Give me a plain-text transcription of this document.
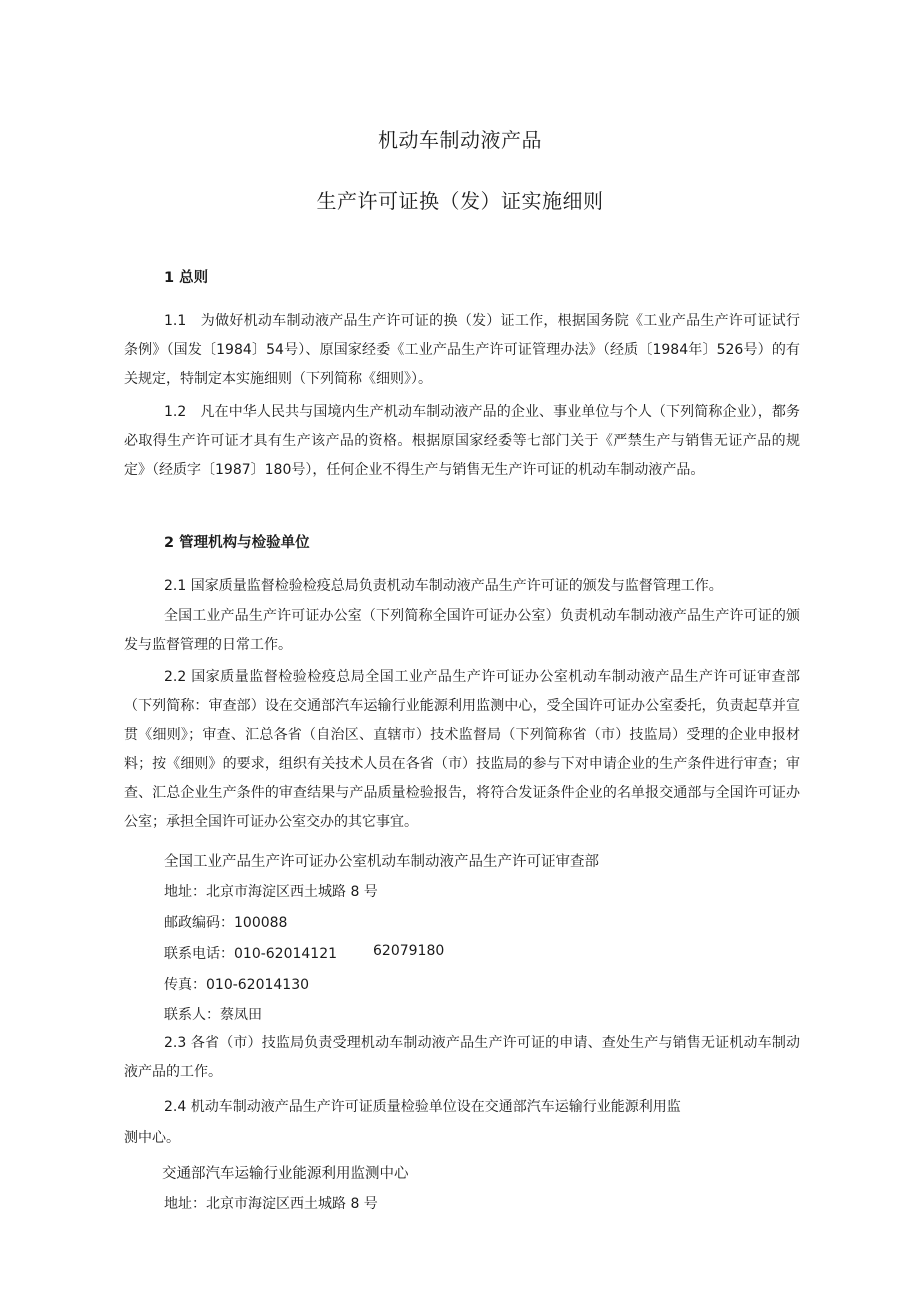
机动车制动液产品
生产许可证换（发）证实施细则
1 总则
1.1　为做好机动车制动液产品生产许可证的换（发）证工作，根据国务院《工业产品生产许可证试行条例》（国发〔1984〕54号）、原国家经委《工业产品生产许可证管理办法》（经质〔1984年〕526号）的有关规定，特制定本实施细则（下列简称《细则》）。
1.2　凡在中华人民共与国境内生产机动车制动液产品的企业、事业单位与个人（下列简称企业），都务必取得生产许可证才具有生产该产品的资格。根据原国家经委等七部门关于《严禁生产与销售无证产品的规定》（经质字〔1987〕180号），任何企业不得生产与销售无生产许可证的机动车制动液产品。
2 管理机构与检验单位
2.1 国家质量监督检验检疫总局负责机动车制动液产品生产许可证的颁发与监督管理工作。
全国工业产品生产许可证办公室（下列简称全国许可证办公室）负责机动车制动液产品生产许可证的颁发与监督管理的日常工作。
2.2 国家质量监督检验检疫总局全国工业产品生产许可证办公室机动车制动液产品生产许可证审查部（下列简称：审查部）设在交通部汽车运输行业能源利用监测中心，受全国许可证办公室委托，负责起草并宣贯《细则》；审查、汇总各省（自治区、直辖市）技术监督局（下列简称省（市）技监局）受理的企业申报材料；按《细则》的要求，组织有关技术人员在各省（市）技监局的参与下对申请企业的生产条件进行审查；审查、汇总企业生产条件的审查结果与产品质量检验报告，将符合发证条件企业的名单报交通部与全国许可证办公室；承担全国许可证办公室交办的其它事宜。
全国工业产品生产许可证办公室机动车制动液产品生产许可证审查部
地址：北京市海淀区西土城路 8 号
邮政编码：100088
联系电话：010-62014121	62079180
传真：010-62014130
联系人：蔡凤田
2.3 各省（市）技监局负责受理机动车制动液产品生产许可证的申请、查处生产与销售无证机动车制动液产品的工作。
2.4 机动车制动液产品生产许可证质量检验单位设在交通部汽车运输行业能源利用监
测中心。
交通部汽车运输行业能源利用监测中心
地址：北京市海淀区西土城路 8 号
